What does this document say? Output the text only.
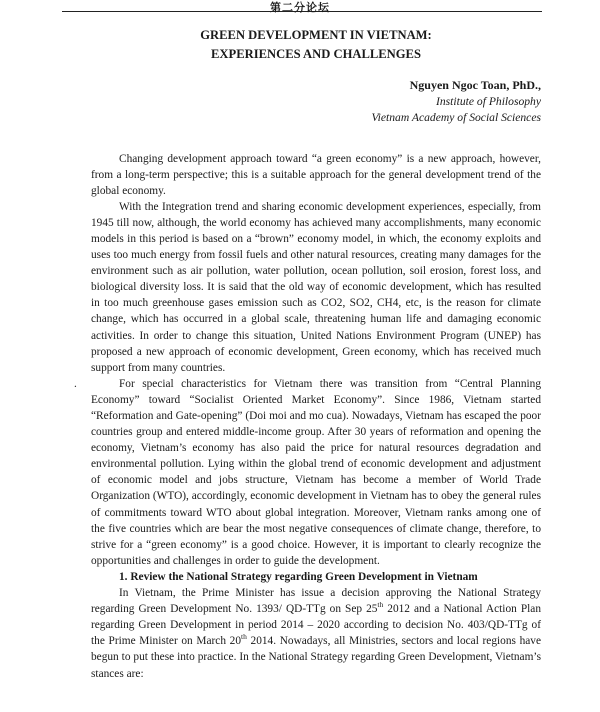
第二分论坛
GREEN DEVELOPMENT IN VIETNAM:
EXPERIENCES AND CHALLENGES
Nguyen Ngoc Toan, PhD.,
Institute of Philosophy
Vietnam Academy of Social Sciences

Changing development approach toward “a green economy” is a new approach, however, from a long-term perspective; this is a suitable approach for the general development trend of the global economy.

With the Integration trend and sharing economic development experiences, especially, from 1945 till now, although, the world economy has achieved many accomplishments, many economic models in this period is based on a “brown” economy model, in which, the economy exploits and uses too much energy from fossil fuels and other natural resources, creating many damages for the environment such as air pollution, water pollution, ocean pollution, soil erosion, forest loss, and biological diversity loss. It is said that the old way of economic development, which has resulted in too much greenhouse gases emission such as CO2, SO2, CH4, etc, is the reason for climate change, which has occurred in a global scale, threatening human life and damaging economic activities. In order to change this situation, United Nations Environment Program (UNEP) has proposed a new approach of economic development, Green economy, which has received much support from many countries.

.	For special characteristics for Vietnam there was transition from “Central Planning Economy” toward “Socialist Oriented Market Economy”. Since 1986, Vietnam started “Reformation and Gate-opening” (Doi moi and mo cua). Nowadays, Vietnam has escaped the poor countries group and entered middle-income group. After 30 years of reformation and opening the economy, Vietnam’s economy has also paid the price for natural resources degradation and environmental pollution. Lying within the global trend of economic development and adjustment of economic model and jobs structure, Vietnam has become a member of World Trade Organization (WTO), accordingly, economic development in Vietnam has to obey the general rules of commitments toward WTO about global integration. Moreover, Vietnam ranks among one of the five countries which are bear the most negative consequences of climate change, therefore, to strive for a “green economy” is a good choice. However, it is important to clearly recognize the opportunities and challenges in order to guide the development.

1. Review the National Strategy regarding Green Development in Vietnam

In Vietnam, the Prime Minister has issue a decision approving the National Strategy regarding Green Development No. 1393/ QD-TTg on Sep 25th 2012 and a National Action Plan regarding Green Development in period 2014 – 2020 according to decision No. 403/QD-TTg of the Prime Minister on March 20th 2014. Nowadays, all Ministries, sectors and local regions have begun to put these into practice. In the National Strategy regarding Green Development, Vietnam’s stances are:
